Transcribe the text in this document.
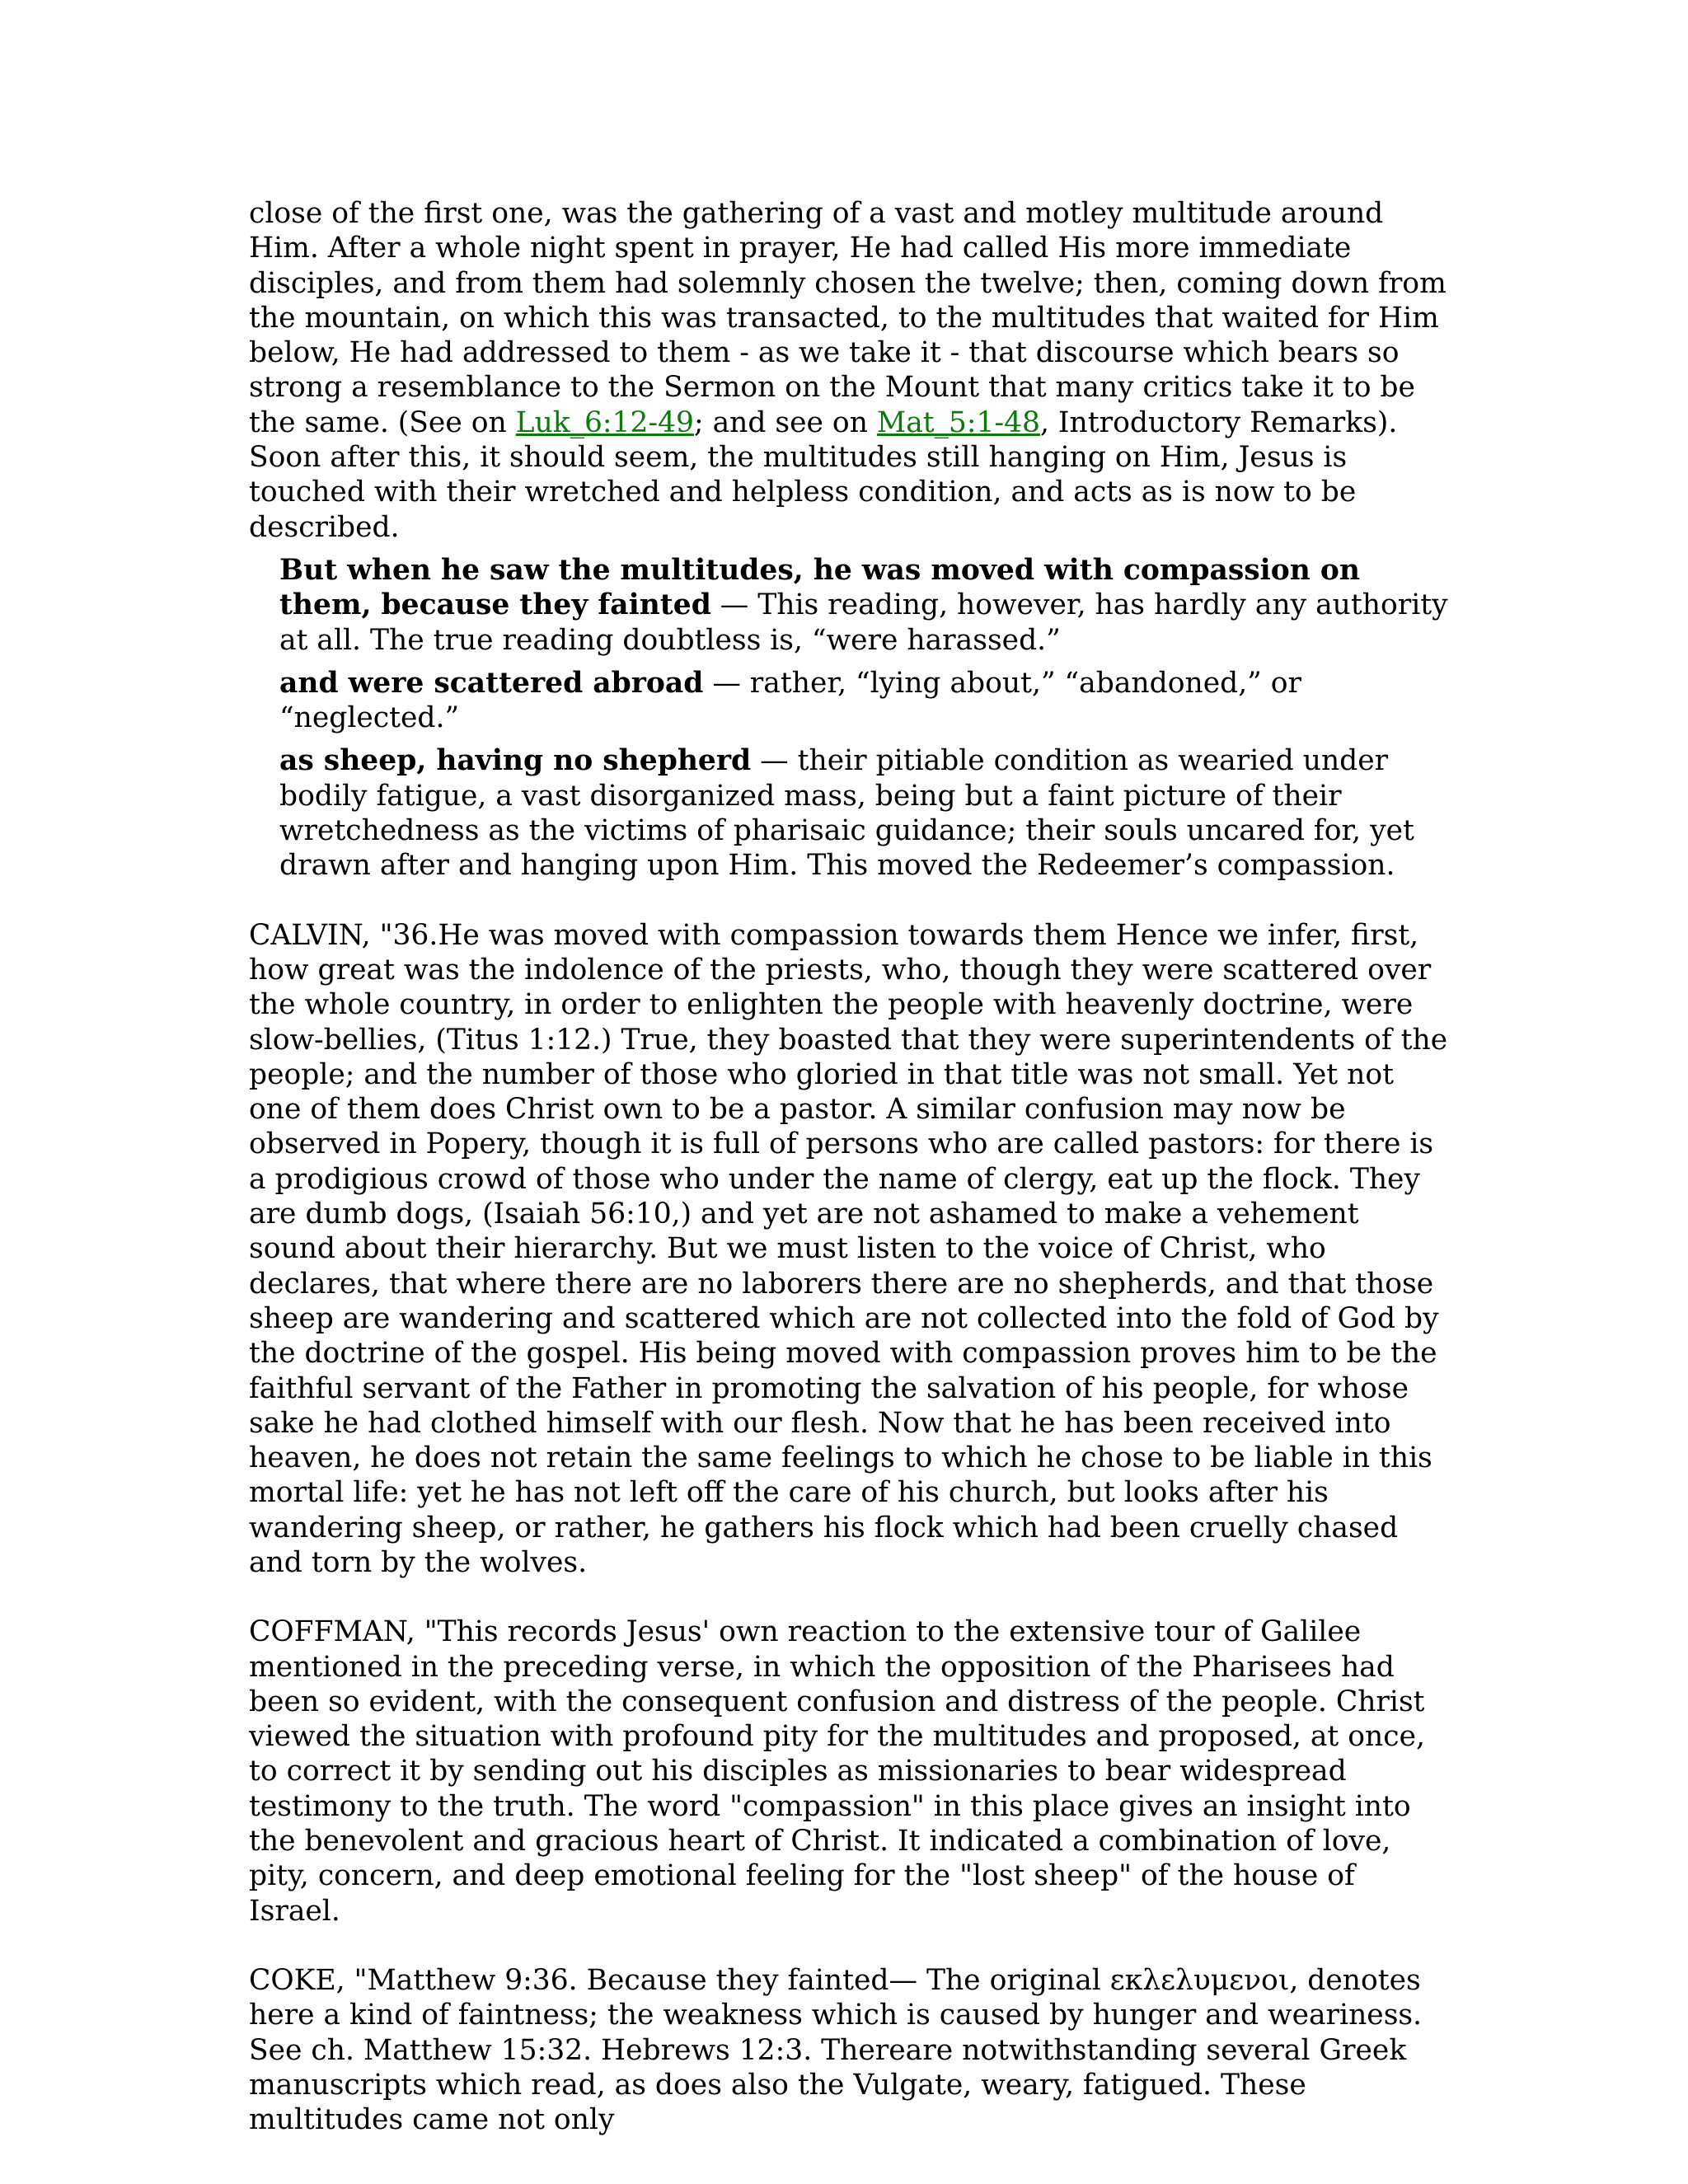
close of the first one, was the gathering of a vast and motley multitude around Him. After a whole night spent in prayer, He had called His more immediate disciples, and from them had solemnly chosen the twelve; then, coming down from the mountain, on which this was transacted, to the multitudes that waited for Him below, He had addressed to them - as we take it - that discourse which bears so strong a resemblance to the Sermon on the Mount that many critics take it to be the same. (See on Luk_6:12-49; and see on Mat_5:1-48, Introductory Remarks). Soon after this, it should seem, the multitudes still hanging on Him, Jesus is touched with their wretched and helpless condition, and acts as is now to be described.

But when he saw the multitudes, he was moved with compassion on them, because they fainted — This reading, however, has hardly any authority at all. The true reading doubtless is, “were harassed.”

and were scattered abroad — rather, “lying about,” “abandoned,” or “neglected.”

as sheep, having no shepherd — their pitiable condition as wearied under bodily fatigue, a vast disorganized mass, being but a faint picture of their wretchedness as the victims of pharisaic guidance; their souls uncared for, yet drawn after and hanging upon Him. This moved the Redeemer’s compassion.

CALVIN, "36.He was moved with compassion towards them Hence we infer, first, how great was the indolence of the priests, who, though they were scattered over the whole country, in order to enlighten the people with heavenly doctrine, were slow-bellies, (Titus 1:12.) True, they boasted that they were superintendents of the people; and the number of those who gloried in that title was not small. Yet not one of them does Christ own to be a pastor. A similar confusion may now be observed in Popery, though it is full of persons who are called pastors: for there is a prodigious crowd of those who under the name of clergy, eat up the flock. They are dumb dogs, (Isaiah 56:10,) and yet are not ashamed to make a vehement sound about their hierarchy. But we must listen to the voice of Christ, who declares, that where there are no laborers there are no shepherds, and that those sheep are wandering and scattered which are not collected into the fold of God by the doctrine of the gospel. His being moved with compassion proves him to be the faithful servant of the Father in promoting the salvation of his people, for whose sake he had clothed himself with our flesh. Now that he has been received into heaven, he does not retain the same feelings to which he chose to be liable in this mortal life: yet he has not left off the care of his church, but looks after his wandering sheep, or rather, he gathers his flock which had been cruelly chased and torn by the wolves.

COFFMAN, "This records Jesus' own reaction to the extensive tour of Galilee mentioned in the preceding verse, in which the opposition of the Pharisees had been so evident, with the consequent confusion and distress of the people. Christ viewed the situation with profound pity for the multitudes and proposed, at once, to correct it by sending out his disciples as missionaries to bear widespread testimony to the truth. The word "compassion" in this place gives an insight into the benevolent and gracious heart of Christ. It indicated a combination of love, pity, concern, and deep emotional feeling for the "lost sheep" of the house of Israel.

COKE, "Matthew 9:36. Because they fainted— The original εκλελυμενοι, denotes here a kind of faintness; the weakness which is caused by hunger and weariness. See ch. Matthew 15:32. Hebrews 12:3. Thereare notwithstanding several Greek manuscripts which read, as does also the Vulgate, weary, fatigued. These multitudes came not only
